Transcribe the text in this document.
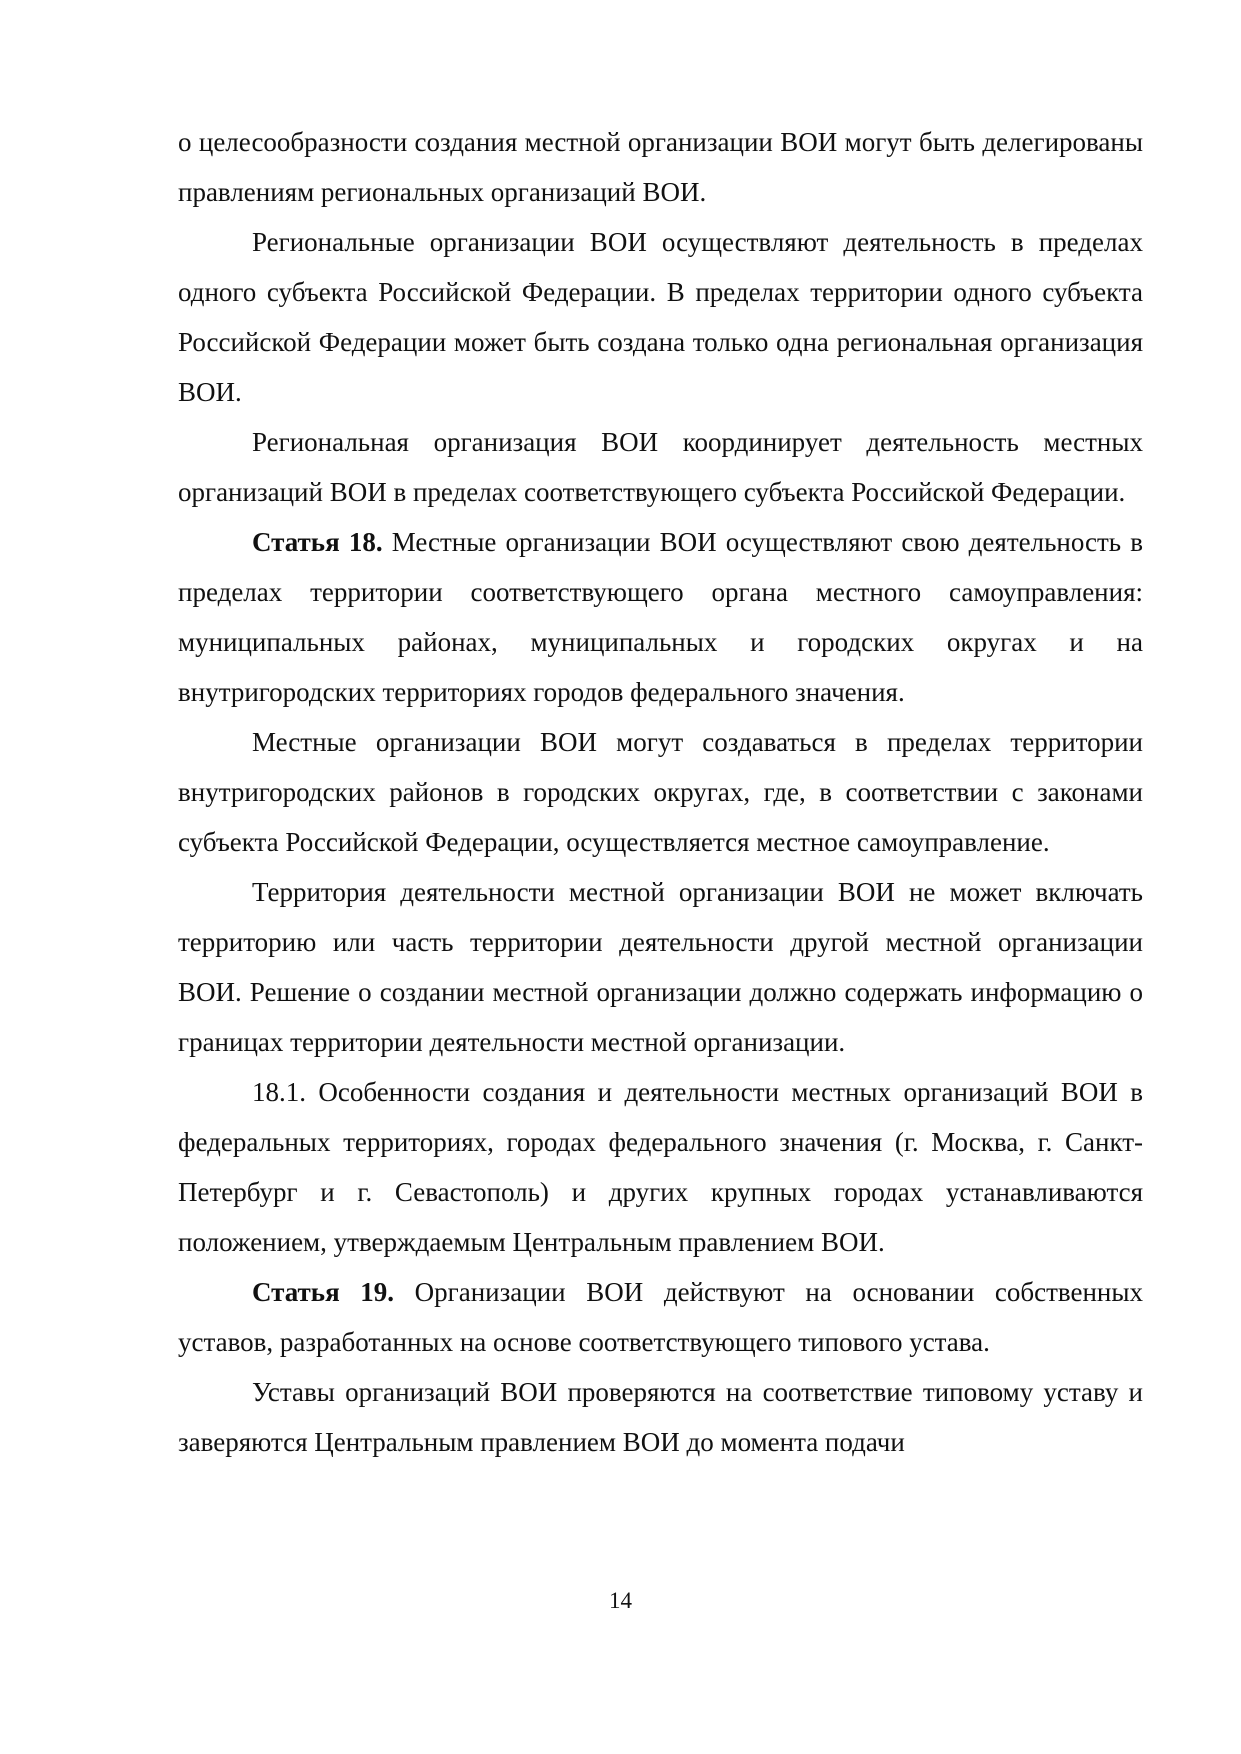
о целесообразности создания местной организации ВОИ могут быть делегированы правлениям региональных организаций ВОИ.

Региональные организации ВОИ осуществляют деятельность в пределах одного субъекта Российской Федерации. В пределах территории одного субъекта Российской Федерации может быть создана только одна региональная организация ВОИ.

Региональная организация ВОИ координирует деятельность местных организаций ВОИ в пределах соответствующего субъекта Российской Федерации.

Статья 18. Местные организации ВОИ осуществляют свою деятельность в пределах территории соответствующего органа местного самоуправления: муниципальных районах, муниципальных и городских округах и на внутригородских территориях городов федерального значения.

Местные организации ВОИ могут создаваться в пределах территории внутригородских районов в городских округах, где, в соответствии с законами субъекта Российской Федерации, осуществляется местное самоуправление.

Территория деятельности местной организации ВОИ не может включать территорию или часть территории деятельности другой местной организации ВОИ. Решение о создании местной организации должно содержать информацию о границах территории деятельности местной организации.

18.1. Особенности создания и деятельности местных организаций ВОИ в федеральных территориях, городах федерального значения (г. Москва, г. Санкт-Петербург и г. Севастополь) и других крупных городах устанавливаются положением, утверждаемым Центральным правлением ВОИ.

Статья 19. Организации ВОИ действуют на основании собственных уставов, разработанных на основе соответствующего типового устава.

Уставы организаций ВОИ проверяются на соответствие типовому уставу и заверяются Центральным правлением ВОИ до момента подачи

14
